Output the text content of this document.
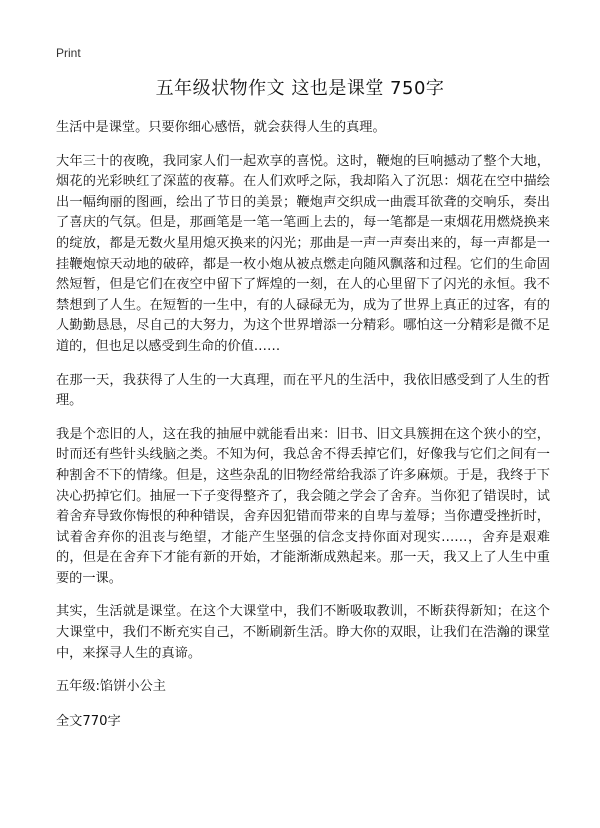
Print
五年级状物作文 这也是课堂 750字

生活中是课堂。只要你细心感悟，就会获得人生的真理。

大年三十的夜晚，我同家人们一起欢享的喜悦。这时，鞭炮的巨响撼动了整个大地，烟花的光彩映红了深蓝的夜幕。在人们欢呼之际，我却陷入了沉思：烟花在空中描绘出一幅绚丽的图画，绘出了节日的美景；鞭炮声交织成一曲震耳欲聋的交响乐，奏出了喜庆的气氛。但是，那画笔是一笔一笔画上去的，每一笔都是一束烟花用燃烧换来的绽放，都是无数火星用熄灭换来的闪光；那曲是一声一声奏出来的，每一声都是一挂鞭炮惊天动地的破碎，都是一枚小炮从被点燃走向随风飘落和过程。它们的生命固然短暂，但是它们在夜空中留下了辉煌的一刻，在人的心里留下了闪光的永恒。我不禁想到了人生。在短暂的一生中，有的人碌碌无为，成为了世界上真正的过客，有的人勤勤恳恳，尽自己的大努力，为这个世界增添一分精彩。哪怕这一分精彩是微不足道的，但也足以感受到生命的价值……

在那一天，我获得了人生的一大真理，而在平凡的生活中，我依旧感受到了人生的哲理。

我是个恋旧的人，这在我的抽屉中就能看出来：旧书、旧文具簇拥在这个狭小的空，时而还有些针头线脑之类。不知为何，我总舍不得丢掉它们，好像我与它们之间有一种割舍不下的情缘。但是，这些杂乱的旧物经常给我添了许多麻烦。于是，我终于下决心扔掉它们。抽屉一下子变得整齐了，我会随之学会了舍弃。当你犯了错误时，试着舍弃导致你悔恨的种种错误，舍弃因犯错而带来的自卑与羞辱；当你遭受挫折时，试着舍弃你的沮丧与绝望，才能产生坚强的信念支持你面对现实……，舍弃是艰难的，但是在舍弃下才能有新的开始，才能渐渐成熟起来。那一天，我又上了人生中重要的一课。

其实，生活就是课堂。在这个大课堂中，我们不断吸取教训，不断获得新知；在这个大课堂中，我们不断充实自己，不断刷新生活。睁大你的双眼，让我们在浩瀚的课堂中，来探寻人生的真谛。

五年级:馅饼小公主

全文770字
